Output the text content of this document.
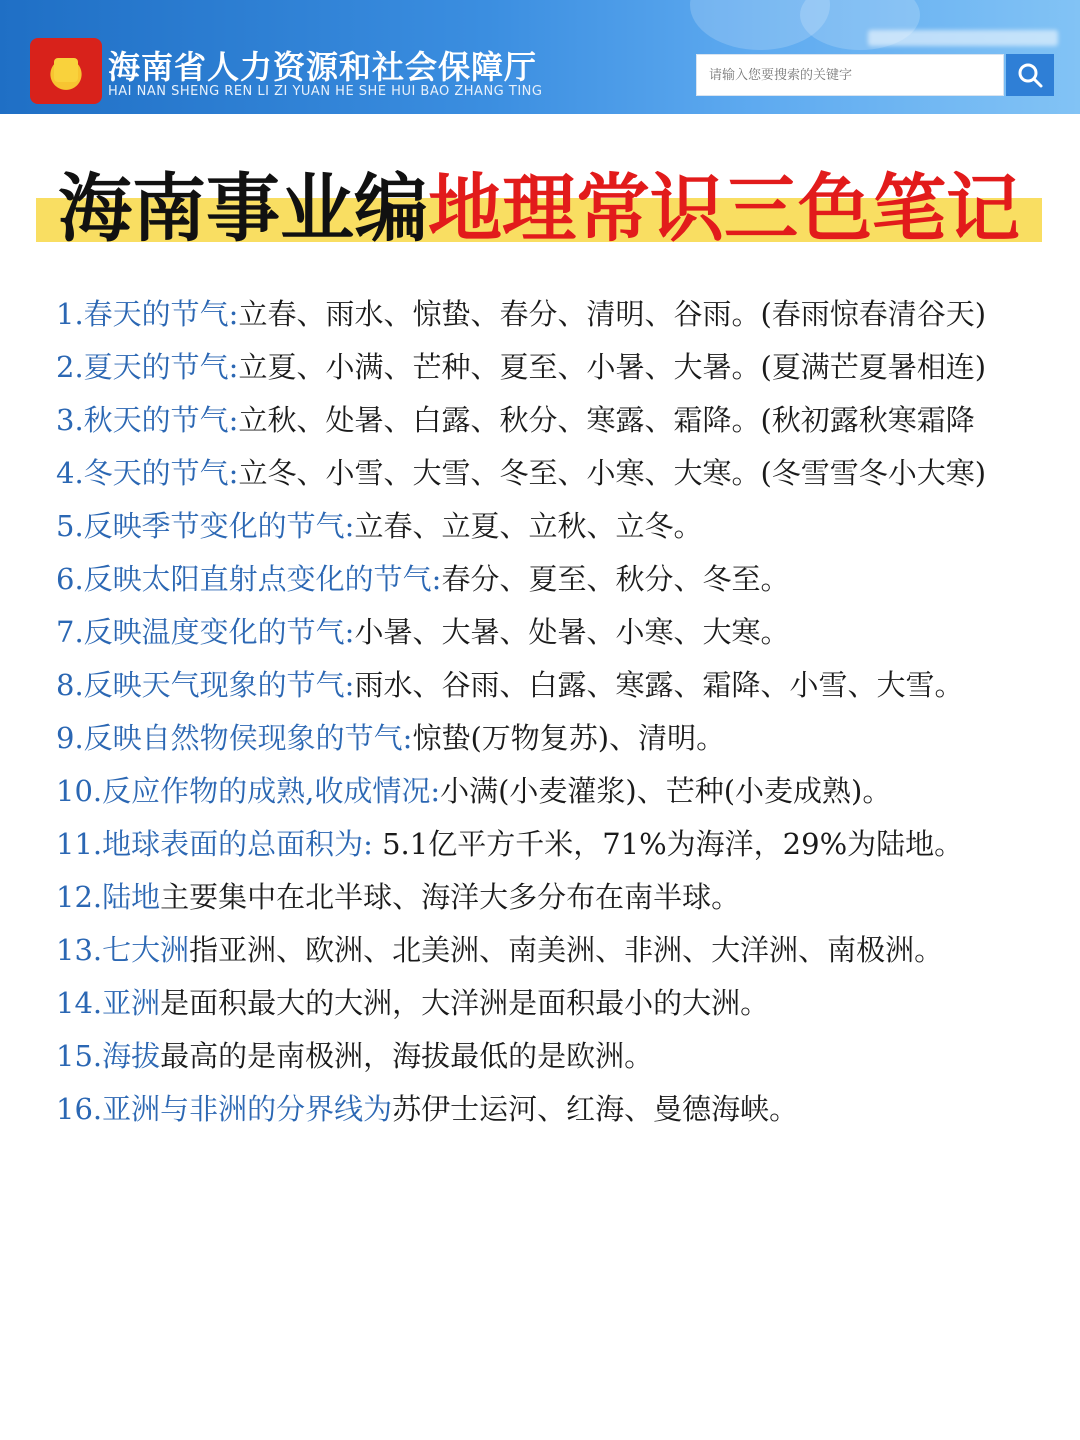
海南省人力资源和社会保障厅
HAI NAN SHENG REN LI ZI YUAN HE SHE HUI BAO ZHANG TING
请输入您要搜索的关键字
海南事业编地理常识三色笔记

1.春天的节气:立春、雨水、惊蛰、春分、清明、谷雨。(春雨惊春清谷天)

2.夏天的节气:立夏、小满、芒种、夏至、小暑、大暑。(夏满芒夏暑相连)

3.秋天的节气:立秋、处暑、白露、秋分、寒露、霜降。(秋初露秋寒霜降

4.冬天的节气:立冬、小雪、大雪、冬至、小寒、大寒。(冬雪雪冬小大寒)

5.反映季节变化的节气:立春、立夏、立秋、立冬。

6.反映太阳直射点变化的节气:春分、夏至、秋分、冬至。

7.反映温度变化的节气:小暑、大暑、处暑、小寒、大寒。

8.反映天气现象的节气:雨水、谷雨、白露、寒露、霜降、小雪、大雪。

9.反映自然物侯现象的节气:惊蛰(万物复苏)、清明。

10.反应作物的成熟,收成情况:小满(小麦灌浆)、芒种(小麦成熟)。

11.地球表面的总面积为: 5.1亿平方千米，71%为海洋，29%为陆地。

12.陆地主要集中在北半球、海洋大多分布在南半球。

13.七大洲指亚洲、欧洲、北美洲、南美洲、非洲、大洋洲、南极洲。

14.亚洲是面积最大的大洲，大洋洲是面积最小的大洲。

15.海拔最高的是南极洲，海拔最低的是欧洲。

16.亚洲与非洲的分界线为苏伊士运河、红海、曼德海峡。
